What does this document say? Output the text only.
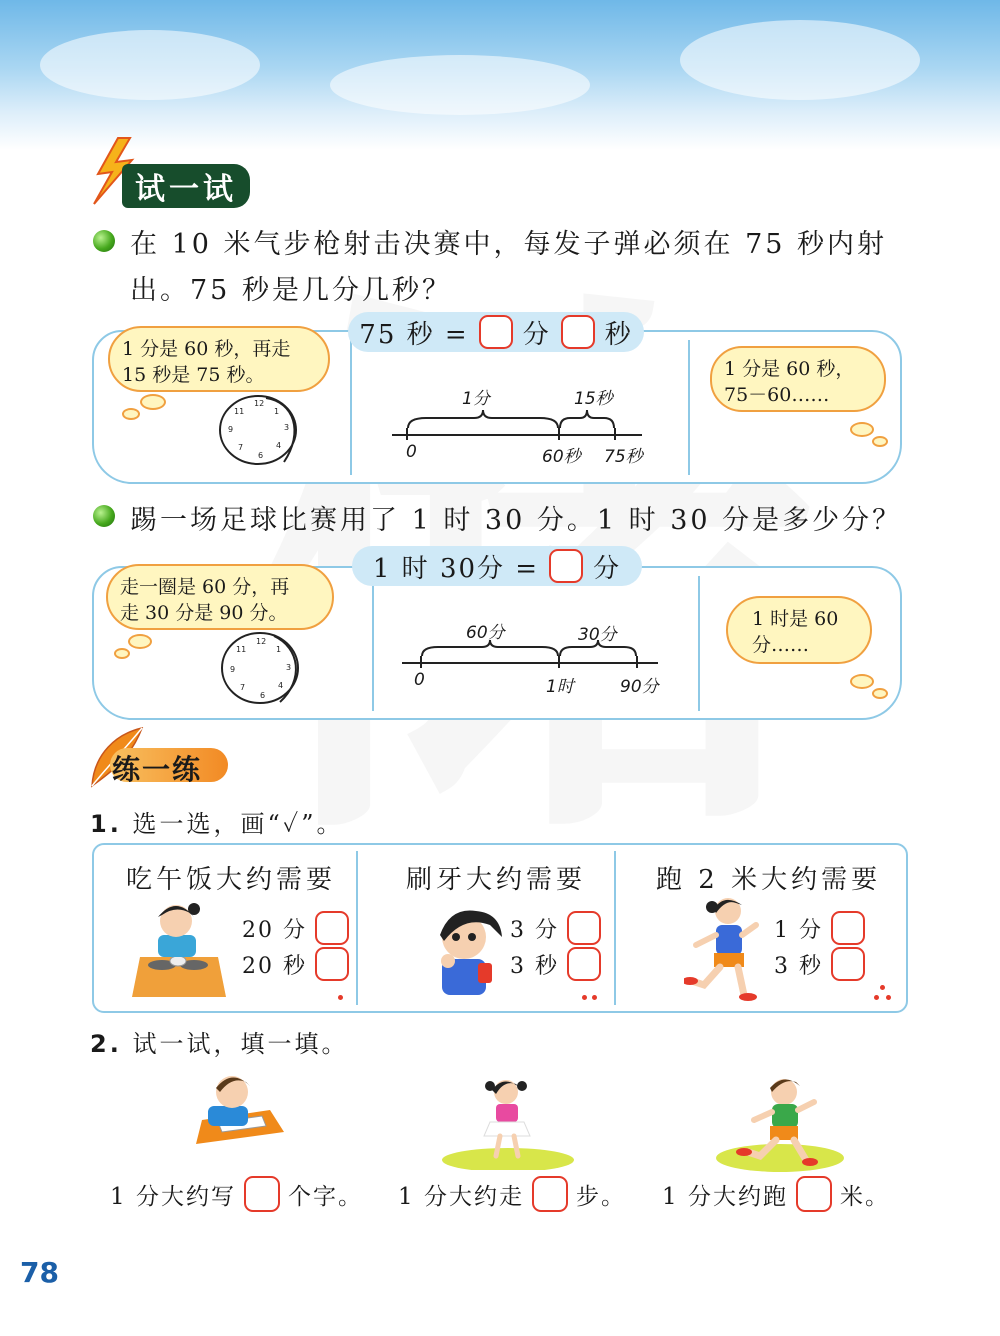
试一试
在 10 米气步枪射击决赛中，每发子弹必须在 75 秒内射
出。75 秒是几分几秒？
75 秒 = 分 秒
1 分是 60 秒，再走
15 秒是 75 秒。
12
1
3
4
6
7
9
11
1分	15秒
0	60秒 75秒
1 分是 60 秒，
75－60……
踢一场足球比赛用了 1 时 30 分。1 时 30 分是多少分？
1 时 30分 = 分
走一圈是 60 分，再
走 30 分是 90 分。
12
1
3
4
6
7
9
11
60分	30分
0	1时	90分
1 时是 60
分……
练一练
1. 选一选，画“✓”。
吃午饭大约需要
20 分
20 秒
刷牙大约需要
3 分
3 秒
跑 2 米大约需要
1 分
3 秒
2. 试一试，填一填。
1 分大约写 个字。 1 分大约走 步。 1 分大约跑 米。
78
